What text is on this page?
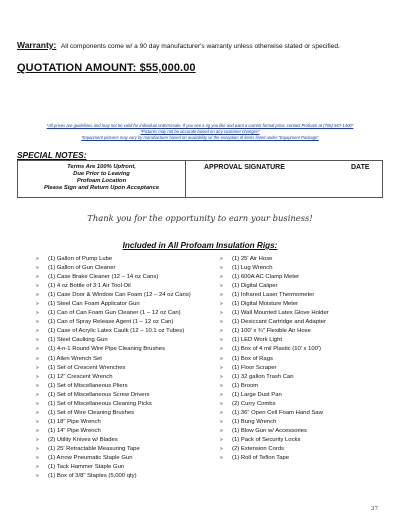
Warranty: All components come w/ a 90 day manufacturer's warranty unless otherwise stated or specified.
QUOTATION AMOUNT: $55,000.00
*All prices are guidelines and may not be valid for individual order/resale. If you see a rig you like and want a current formal price, contact Profoam at (706) 567-1400*
*Pictures may not be accurate based on any customer changes*
*Equipment pictures may vary by manufacturer based on availability w/ the exception of items listed under "Equipment Package"
SPECIAL NOTES:
Terms Are 100% Upfront,
Due Prior to Leaving
Profoam Location
Please Sign and Return Upon Acceptance
APPROVAL SIGNATURE	DATE
Thank you for the opportunity to earn your business!
Included in All Profoam Insulation Rigs:
» (1) Gallon of Pump Lube
» (1) Gallon of Gun Cleaner
» (1) Case Brake Cleaner (12 – 14 oz Cans)
» (1) 4 oz Bottle of 3:1 Air Tool Oil
» (1) Case Door & Window Can Foam (12 – 24 oz Cans)
» (1) Steel Can Foam Applicator Gun
» (1) Can of Can Foam Gun Cleaner (1 – 12 oz Can)
» (1) Can of Spray Release Agent (1 – 12 oz Can)
» (1) Case of Acrylic Latex Caulk (12 – 10.1 oz Tubes)
» (1) Steel Caulking Gun
» (1) 4-n-1 Round Wire Pipe Cleaning Brushes
» (1) Allen Wrench Set
» (1) Set of Crescent Wrenches
» (1) 12" Crescent Wrench
» (1) Set of Miscellaneous Pliers
» (1) Set of Miscellaneous Screw Drivers
» (1) Set of Miscellaneous Cleaning Picks
» (1) Set of Wire Cleaning Brushes
» (1) 18" Pipe Wrench
» (1) 14" Pipe Wrench
» (2) Utility Knives w/ Blades
» (1) 25' Retractable Measuring Tape
» (1) Arrow Pneumatic Staple Gun
» (1) Tack Hammer Staple Gun
» (1) Box of 3/8" Staples (5,000 qty)
» (1) 25' Air Hose
» (1) Lug Wrench
» (1) 600A AC Clamp Meter
» (1) Digital Caliper
» (1) Infrared Laser Thermometer
» (1) Digital Moisture Meter
» (1) Wall Mounted Latex Glove Holder
» (1) Desiccant Cartridge and Adapter
» (1) 100' x ¾" Flexible Air Hose
» (1) LED Work Light
» (1) Box of 4 mil Plastic (10' x 100')
» (1) Box of Rags
» (1) Floor Scraper
» (1) 32 gallon Trash Can
» (1) Broom
» (1) Large Dust Pan
» (2) Curry Combs
» (1) 36" Open Cell Foam Hand Saw
» (1) Bung Wrench
» (1) Blow Gun w/ Accessories
» (1) Pack of Security Locks
» (2) Extension Cords
» (1) Roll of Teflon Tape
37
